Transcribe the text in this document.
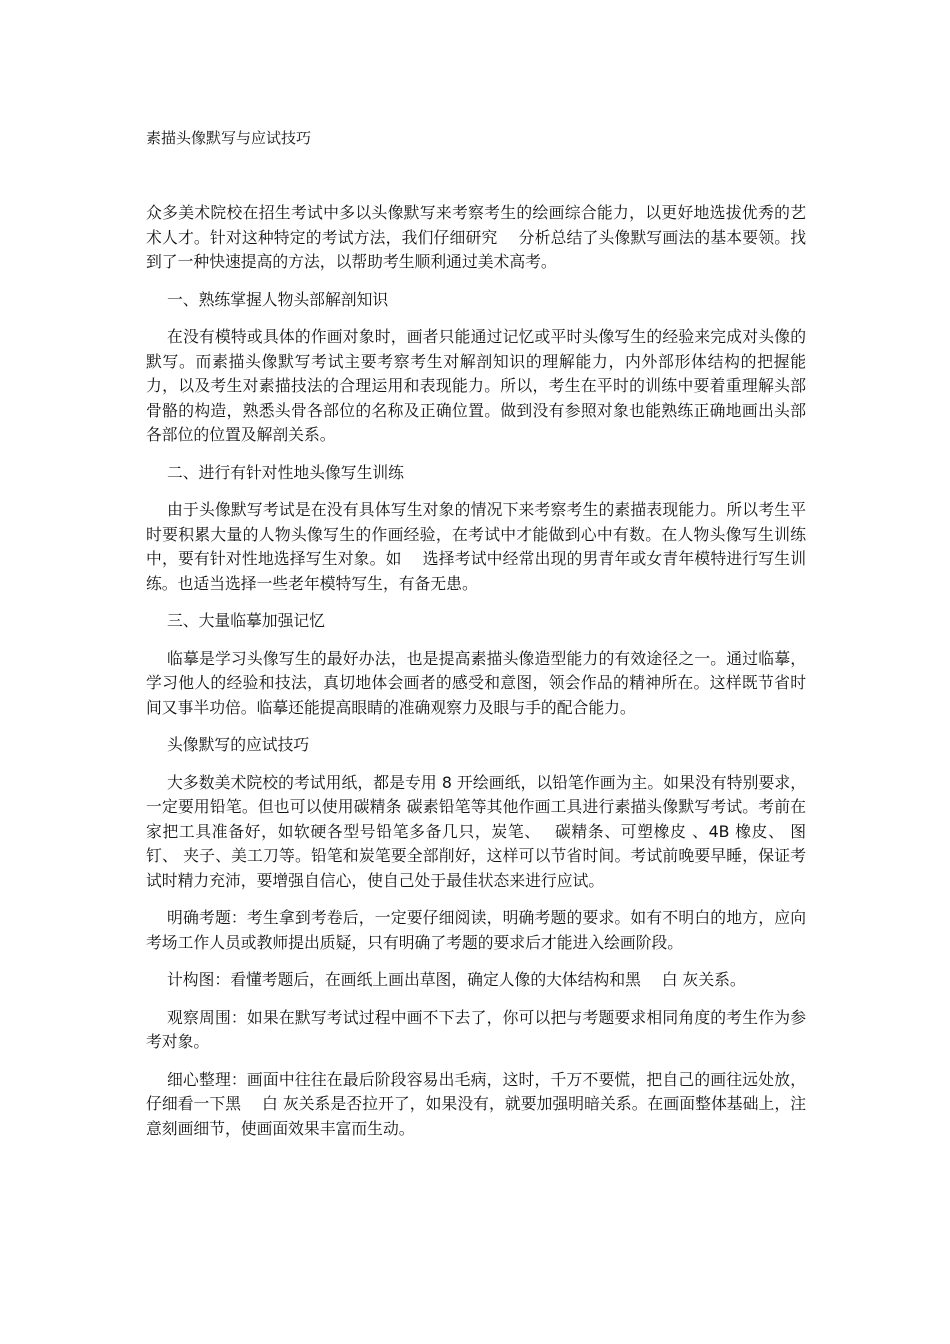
素描头像默写与应试技巧

众多美术院校在招生考试中多以头像默写来考察考生的绘画综合能力，以更好地选拔优秀的艺术人才。针对这种特定的考试方法，我们仔细研究　 分析总结了头像默写画法的基本要领。找到了一种快速提高的方法，以帮助考生顺利通过美术高考。

一、熟练掌握人物头部解剖知识

在没有模特或具体的作画对象时，画者只能通过记忆或平时头像写生的经验来完成对头像的默写。而素描头像默写考试主要考察考生对解剖知识的理解能力，内外部形体结构的把握能力，以及考生对素描技法的合理运用和表现能力。所以，考生在平时的训练中要着重理解头部骨骼的构造，熟悉头骨各部位的名称及正确位置。做到没有参照对象也能熟练正确地画出头部各部位的位置及解剖关系。

二、进行有针对性地头像写生训练

由于头像默写考试是在没有具体写生对象的情况下来考察考生的素描表现能力。所以考生平时要积累大量的人物头像写生的作画经验，在考试中才能做到心中有数。在人物头像写生训练中，要有针对性地选择写生对象。如　 选择考试中经常出现的男青年或女青年模特进行写生训练。也适当选择一些老年模特写生，有备无患。

三、大量临摹加强记忆

临摹是学习头像写生的最好办法，也是提高素描头像造型能力的有效途径之一。通过临摹，学习他人的经验和技法，真切地体会画者的感受和意图，领会作品的精神所在。这样既节省时间又事半功倍。临摹还能提高眼睛的准确观察力及眼与手的配合能力。

头像默写的应试技巧

大多数美术院校的考试用纸，都是专用 8 开绘画纸，以铅笔作画为主。如果没有特别要求，一定要用铅笔。但也可以使用碳精条 碳素铅笔等其他作画工具进行素描头像默写考试。考前在家把工具准备好，如软硬各型号铅笔多备几只，炭笔、　 碳精条、可塑橡皮 、4B 橡皮、 图钉、 夹子、美工刀等。铅笔和炭笔要全部削好，这样可以节省时间。考试前晚要早睡，保证考试时精力充沛，要增强自信心，使自己处于最佳状态来进行应试。

明确考题：考生拿到考卷后，一定要仔细阅读，明确考题的要求。如有不明白的地方，应向考场工作人员或教师提出质疑，只有明确了考题的要求后才能进入绘画阶段。

计构图：看懂考题后，在画纸上画出草图，确定人像的大体结构和黑　 白 灰关系。

观察周围：如果在默写考试过程中画不下去了，你可以把与考题要求相同角度的考生作为参考对象。

细心整理：画面中往往在最后阶段容易出毛病，这时，千万不要慌，把自己的画往远处放，仔细看一下黑　 白 灰关系是否拉开了，如果没有，就要加强明暗关系。在画面整体基础上，注意刻画细节，使画面效果丰富而生动。
